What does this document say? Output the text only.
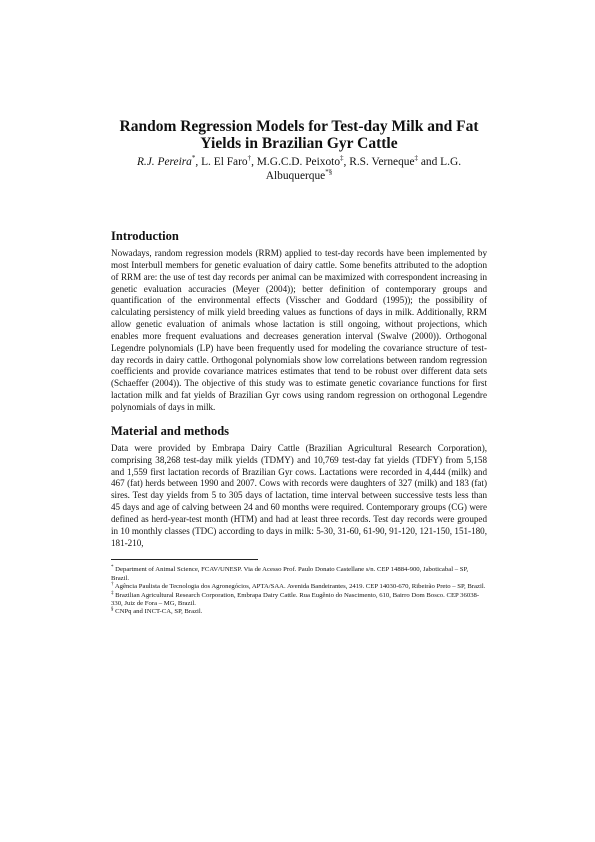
Random Regression Models for Test-day Milk and Fat
Yields in Brazilian Gyr Cattle
R.J. Pereira*, L. El Faro†, M.G.C.D. Peixoto‡, R.S. Verneque‡ and L.G. Albuquerque*§
Introduction
Nowadays, random regression models (RRM) applied to test-day records have been implemented by most Interbull members for genetic evaluation of dairy cattle. Some benefits attributed to the adoption of RRM are: the use of test day records per animal can be maximized with correspondent increasing in genetic evaluation accuracies (Meyer (2004)); better definition of contemporary groups and quantification of the environmental effects (Visscher and Goddard (1995)); the possibility of calculating persistency of milk yield breeding values as functions of days in milk. Additionally, RRM allow genetic evaluation of animals whose lactation is still ongoing, without projections, which enables more frequent evaluations and decreases generation interval (Swalve (2000)). Orthogonal Legendre polynomials (LP) have been frequently used for modeling the covariance structure of test-day records in dairy cattle. Orthogonal polynomials show low correlations between random regression coefficients and provide covariance matrices estimates that tend to be robust over different data sets (Schaeffer (2004)). The objective of this study was to estimate genetic covariance functions for first lactation milk and fat yields of Brazilian Gyr cows using random regression on orthogonal Legendre polynomials of days in milk.
Material and methods
Data were provided by Embrapa Dairy Cattle (Brazilian Agricultural Research Corporation), comprising 38,268 test-day milk yields (TDMY) and 10,769 test-day fat yields (TDFY) from 5,158 and 1,559 first lactation records of Brazilian Gyr cows. Lactations were recorded in 4,444 (milk) and 467 (fat) herds between 1990 and 2007. Cows with records were daughters of 327 (milk) and 183 (fat) sires. Test day yields from 5 to 305 days of lactation, time interval between successive tests less than 45 days and age of calving between 24 and 60 months were required. Contemporary groups (CG) were defined as herd-year-test month (HTM) and had at least three records. Test day records were grouped in 10 monthly classes (TDC) according to days in milk: 5-30, 31-60, 61-90, 91-120, 121-150, 151-180, 181-210,

* Department of Animal Science, FCAV/UNESP. Via de Acesso Prof. Paulo Donato Castellane s/n. CEP 14884-900, Jaboticabal – SP, Brazil.

† Agência Paulista de Tecnologia dos Agronegócios, APTA/SAA. Avenida Bandeirantes, 2419. CEP 14030-670, Ribeirão Preto – SP, Brazil.

‡ Brazilian Agricultural Research Corporation, Embrapa Dairy Cattle. Rua Eugênio do Nascimento, 610, Bairro Dom Bosco. CEP 36038-330, Juiz de Fora – MG, Brazil.

§ CNPq and INCT-CA, SP, Brazil.
